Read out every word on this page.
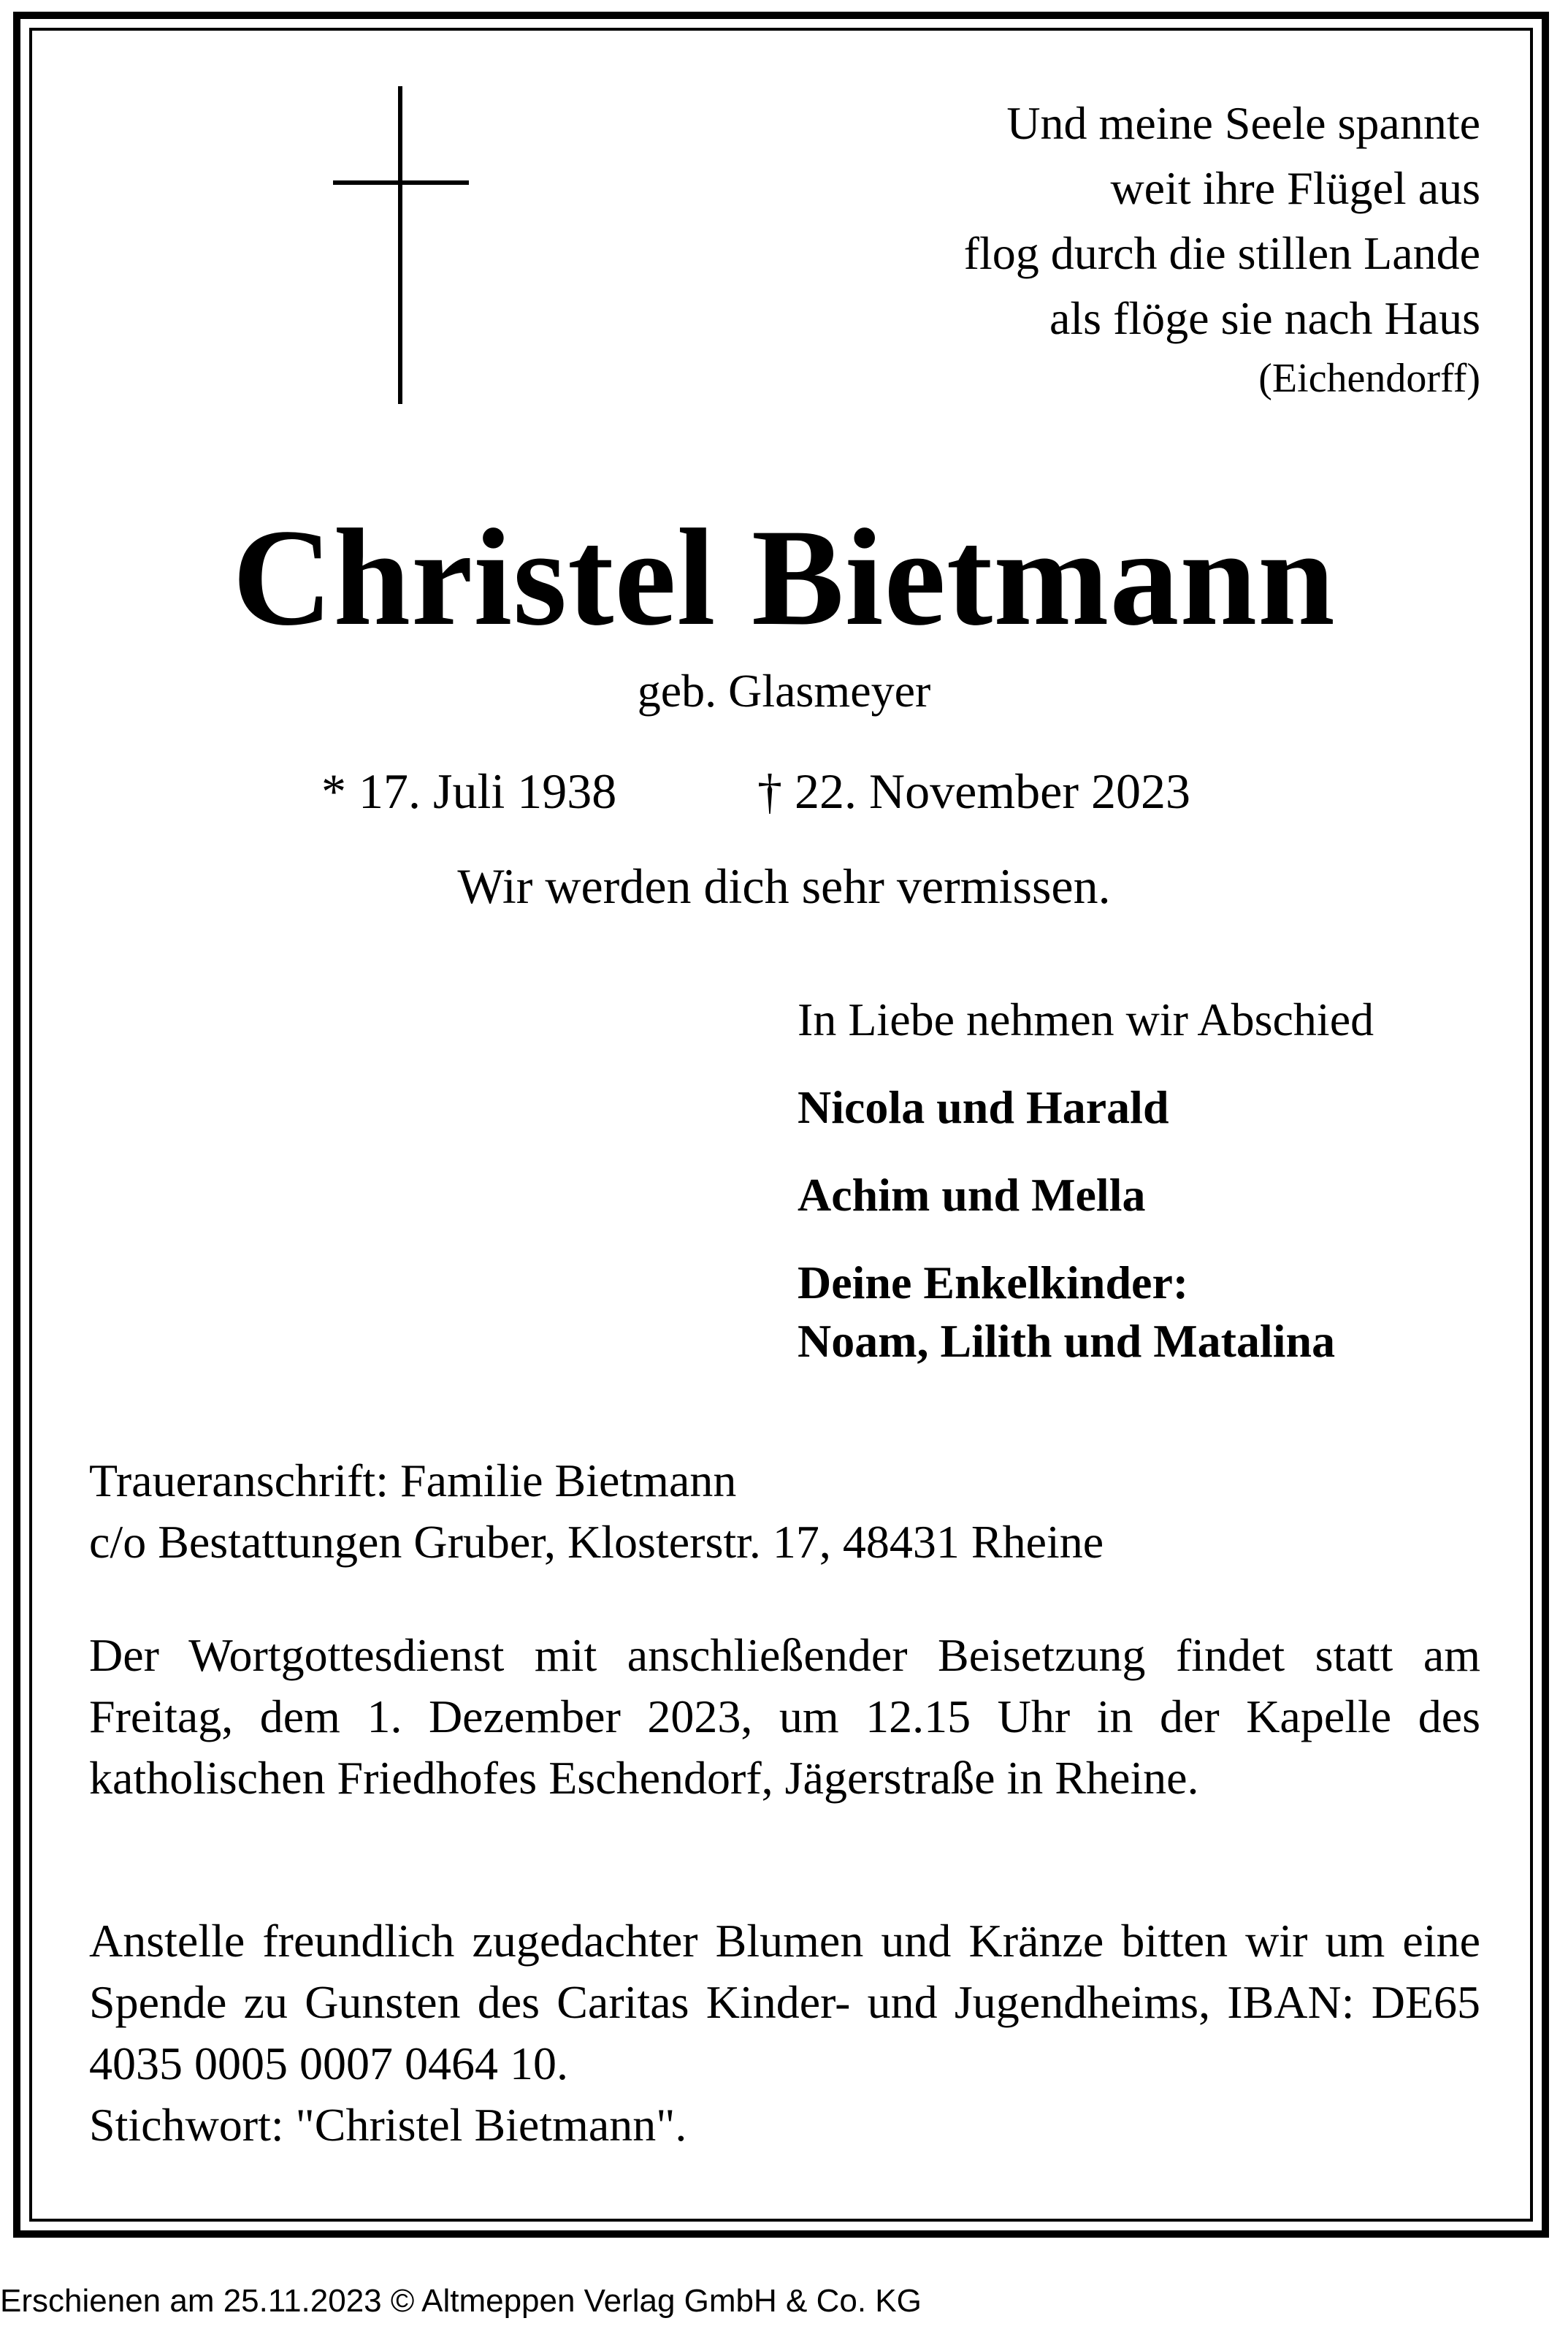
Und meine Seele spannte
weit ihre Flügel aus
flog durch die stillen Lande
als flöge sie nach Haus
(Eichendorff)
Christel Bietmann
geb. Glasmeyer
* 17. Juli 1938	† 22. November 2023
Wir werden dich sehr vermissen.
In Liebe nehmen wir Abschied
Nicola und Harald
Achim und Mella
Deine Enkelkinder:
Noam, Lilith und Matalina
Traueranschrift: Familie Bietmann
c/o Bestattungen Gruber, Klosterstr. 17, 48431 Rheine
Der Wortgottesdienst mit anschließender Beisetzung findet statt am Freitag, dem 1. Dezember 2023, um 12.15 Uhr in der Kapelle des katholischen Friedhofes Eschendorf, Jägerstraße in Rheine.
Anstelle freundlich zugedachter Blumen und Kränze bitten wir um eine Spende zu Gunsten des Caritas Kinder- und Jugendheims, IBAN: DE65 4035 0005 0007 0464 10.
Stichwort: "Christel Bietmann".
Erschienen am 25.11.2023 © Altmeppen Verlag GmbH & Co. KG
